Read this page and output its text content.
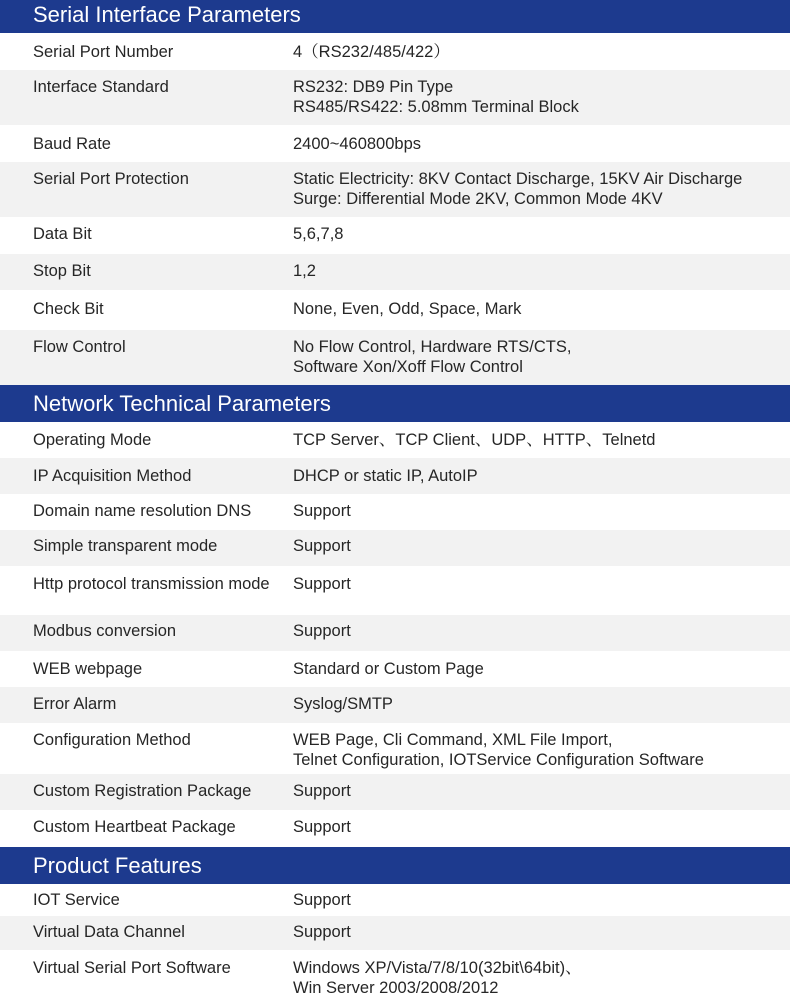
Serial Interface Parameters
Serial Port Number	4（RS232/485/422）
Interface Standard	RS232: DB9 Pin Type
RS485/RS422: 5.08mm Terminal Block
Baud Rate	2400~460800bps
Serial Port Protection	Static Electricity: 8KV Contact Discharge, 15KV Air Discharge
Surge: Differential Mode 2KV, Common Mode 4KV
Data Bit	5,6,7,8
Stop Bit	1,2
Check Bit	None, Even, Odd, Space, Mark
Flow Control	No Flow Control, Hardware RTS/CTS,
Software Xon/Xoff Flow Control
Network Technical Parameters
Operating Mode	TCP Server、TCP Client、UDP、HTTP、Telnetd
IP Acquisition Method	DHCP or static IP, AutoIP
Domain name resolution DNS	Support
Simple transparent mode	Support
Http protocol transmission mode Support
Modbus conversion	Support
WEB webpage	Standard or Custom Page
Error Alarm	Syslog/SMTP
Configuration Method	WEB Page, Cli Command, XML File Import,
Telnet Configuration, IOTService Configuration Software
Custom Registration Package	Support
Custom Heartbeat Package	Support
Product Features
IOT Service	Support
Virtual Data Channel	Support
Virtual Serial Port Software	Windows XP/Vista/7/8/10(32bit\64bit)、
Win Server 2003/2008/2012
